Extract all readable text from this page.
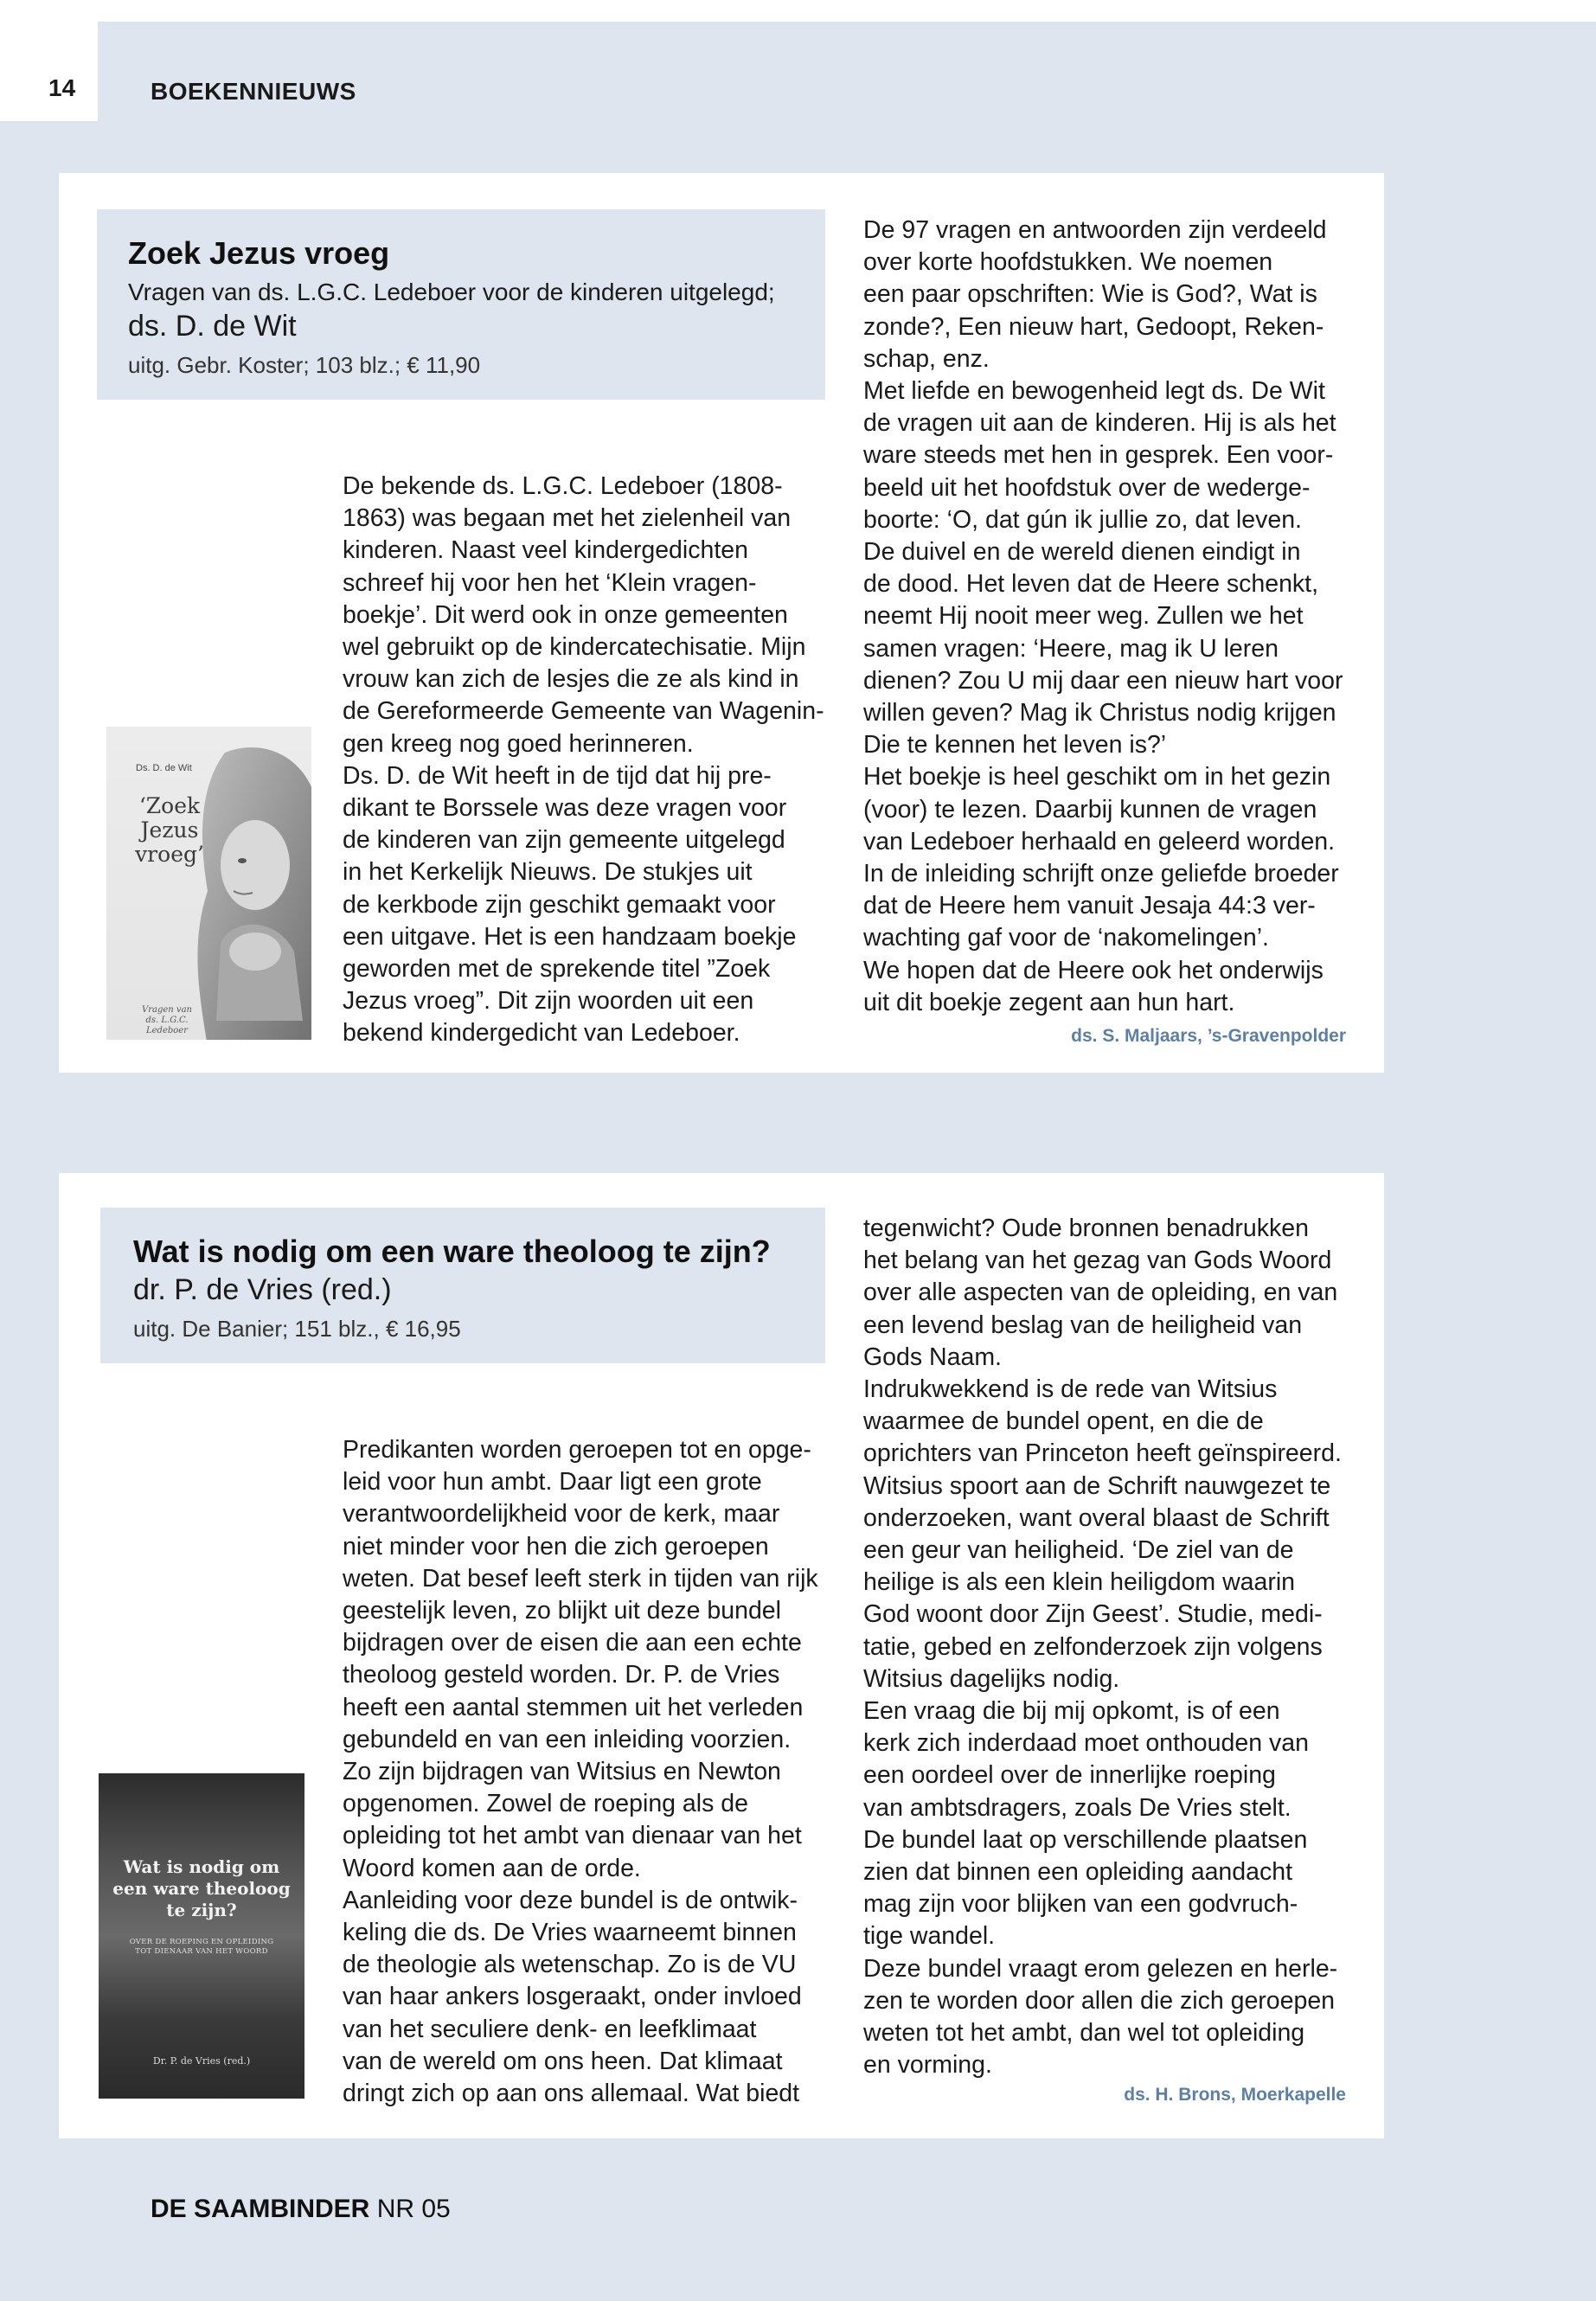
14	BOEKENNIEUWS
Zoek Jezus vroeg
Vragen van ds. L.G.C. Ledeboer voor de kinderen uitgelegd;
ds. D. de Wit
uitg. Gebr. Koster; 103 blz.; € 11,90
Ds. D. de Wit
‘Zoek
Jezus
vroeg’
Vragen van
ds. L.G.C. Ledeboer

De bekende ds. L.G.C. Ledeboer (1808-

1863) was begaan met het zielenheil van

kinderen. Naast veel kindergedichten

schreef hij voor hen het ‘Klein vragen-

boekje’. Dit werd ook in onze gemeenten

wel gebruikt op de kindercatechisatie. Mijn

vrouw kan zich de lesjes die ze als kind in

de Gereformeerde Gemeente van Wagenin-

gen kreeg nog goed herinneren.

Ds. D. de Wit heeft in de tijd dat hij pre-

dikant te Borssele was deze vragen voor

de kinderen van zijn gemeente uitgelegd

in het Kerkelijk Nieuws. De stukjes uit

de kerkbode zijn geschikt gemaakt voor

een uitgave. Het is een handzaam boekje

geworden met de sprekende titel ”Zoek

Jezus vroeg”. Dit zijn woorden uit een

bekend kindergedicht van Ledeboer.

De 97 vragen en antwoorden zijn verdeeld

over korte hoofdstukken. We noemen

een paar opschriften: Wie is God?, Wat is

zonde?, Een nieuw hart, Gedoopt, Reken-

schap, enz.

Met liefde en bewogenheid legt ds. De Wit

de vragen uit aan de kinderen. Hij is als het

ware steeds met hen in gesprek. Een voor-

beeld uit het hoofdstuk over de wederge-

boorte: ‘O, dat gún ik jullie zo, dat leven.

De duivel en de wereld dienen eindigt in

de dood. Het leven dat de Heere schenkt,

neemt Hij nooit meer weg. Zullen we het

samen vragen: ‘Heere, mag ik U leren

dienen? Zou U mij daar een nieuw hart voor

willen geven? Mag ik Christus nodig krijgen

Die te kennen het leven is?’

Het boekje is heel geschikt om in het gezin

(voor) te lezen. Daarbij kunnen de vragen

van Ledeboer herhaald en geleerd worden.

In de inleiding schrijft onze geliefde broeder

dat de Heere hem vanuit Jesaja 44:3 ver-

wachting gaf voor de ‘nakomelingen’.

We hopen dat de Heere ook het onderwijs

uit dit boekje zegent aan hun hart.

ds. S. Maljaars, ’s-Gravenpolder
Wat is nodig om een ware theoloog te zijn?
dr. P. de Vries (red.)
uitg. De Banier; 151 blz., € 16,95
Wat is nodig om
een ware theoloog
te zijn?
OVER DE ROEPING EN OPLEIDING
TOT DIENAAR VAN HET WOORD
Dr. P. de Vries (red.)

Predikanten worden geroepen tot en opge-

leid voor hun ambt. Daar ligt een grote

verantwoordelijkheid voor de kerk, maar

niet minder voor hen die zich geroepen

weten. Dat besef leeft sterk in tijden van rijk

geestelijk leven, zo blijkt uit deze bundel

bijdragen over de eisen die aan een echte

theoloog gesteld worden. Dr. P. de Vries

heeft een aantal stemmen uit het verleden

gebundeld en van een inleiding voorzien.

Zo zijn bijdragen van Witsius en Newton

opgenomen. Zowel de roeping als de

opleiding tot het ambt van dienaar van het

Woord komen aan de orde.

Aanleiding voor deze bundel is de ontwik-

keling die ds. De Vries waarneemt binnen

de theologie als wetenschap. Zo is de VU

van haar ankers losgeraakt, onder invloed

van het seculiere denk- en leefklimaat

van de wereld om ons heen. Dat klimaat

dringt zich op aan ons allemaal. Wat biedt

tegenwicht? Oude bronnen benadrukken

het belang van het gezag van Gods Woord

over alle aspecten van de opleiding, en van

een levend beslag van de heiligheid van

Gods Naam.

Indrukwekkend is de rede van Witsius

waarmee de bundel opent, en die de

oprichters van Princeton heeft geïnspireerd.

Witsius spoort aan de Schrift nauwgezet te

onderzoeken, want overal blaast de Schrift

een geur van heiligheid. ‘De ziel van de

heilige is als een klein heiligdom waarin

God woont door Zijn Geest’. Studie, medi-

tatie, gebed en zelfonderzoek zijn volgens

Witsius dagelijks nodig.

Een vraag die bij mij opkomt, is of een

kerk zich inderdaad moet onthouden van

een oordeel over de innerlijke roeping

van ambtsdragers, zoals De Vries stelt.

De bundel laat op verschillende plaatsen

zien dat binnen een opleiding aandacht

mag zijn voor blijken van een godvruch-

tige wandel.

Deze bundel vraagt erom gelezen en herle-

zen te worden door allen die zich geroepen

weten tot het ambt, dan wel tot opleiding

en vorming.

ds. H. Brons, Moerkapelle
DE SAAMBINDER NR 05
